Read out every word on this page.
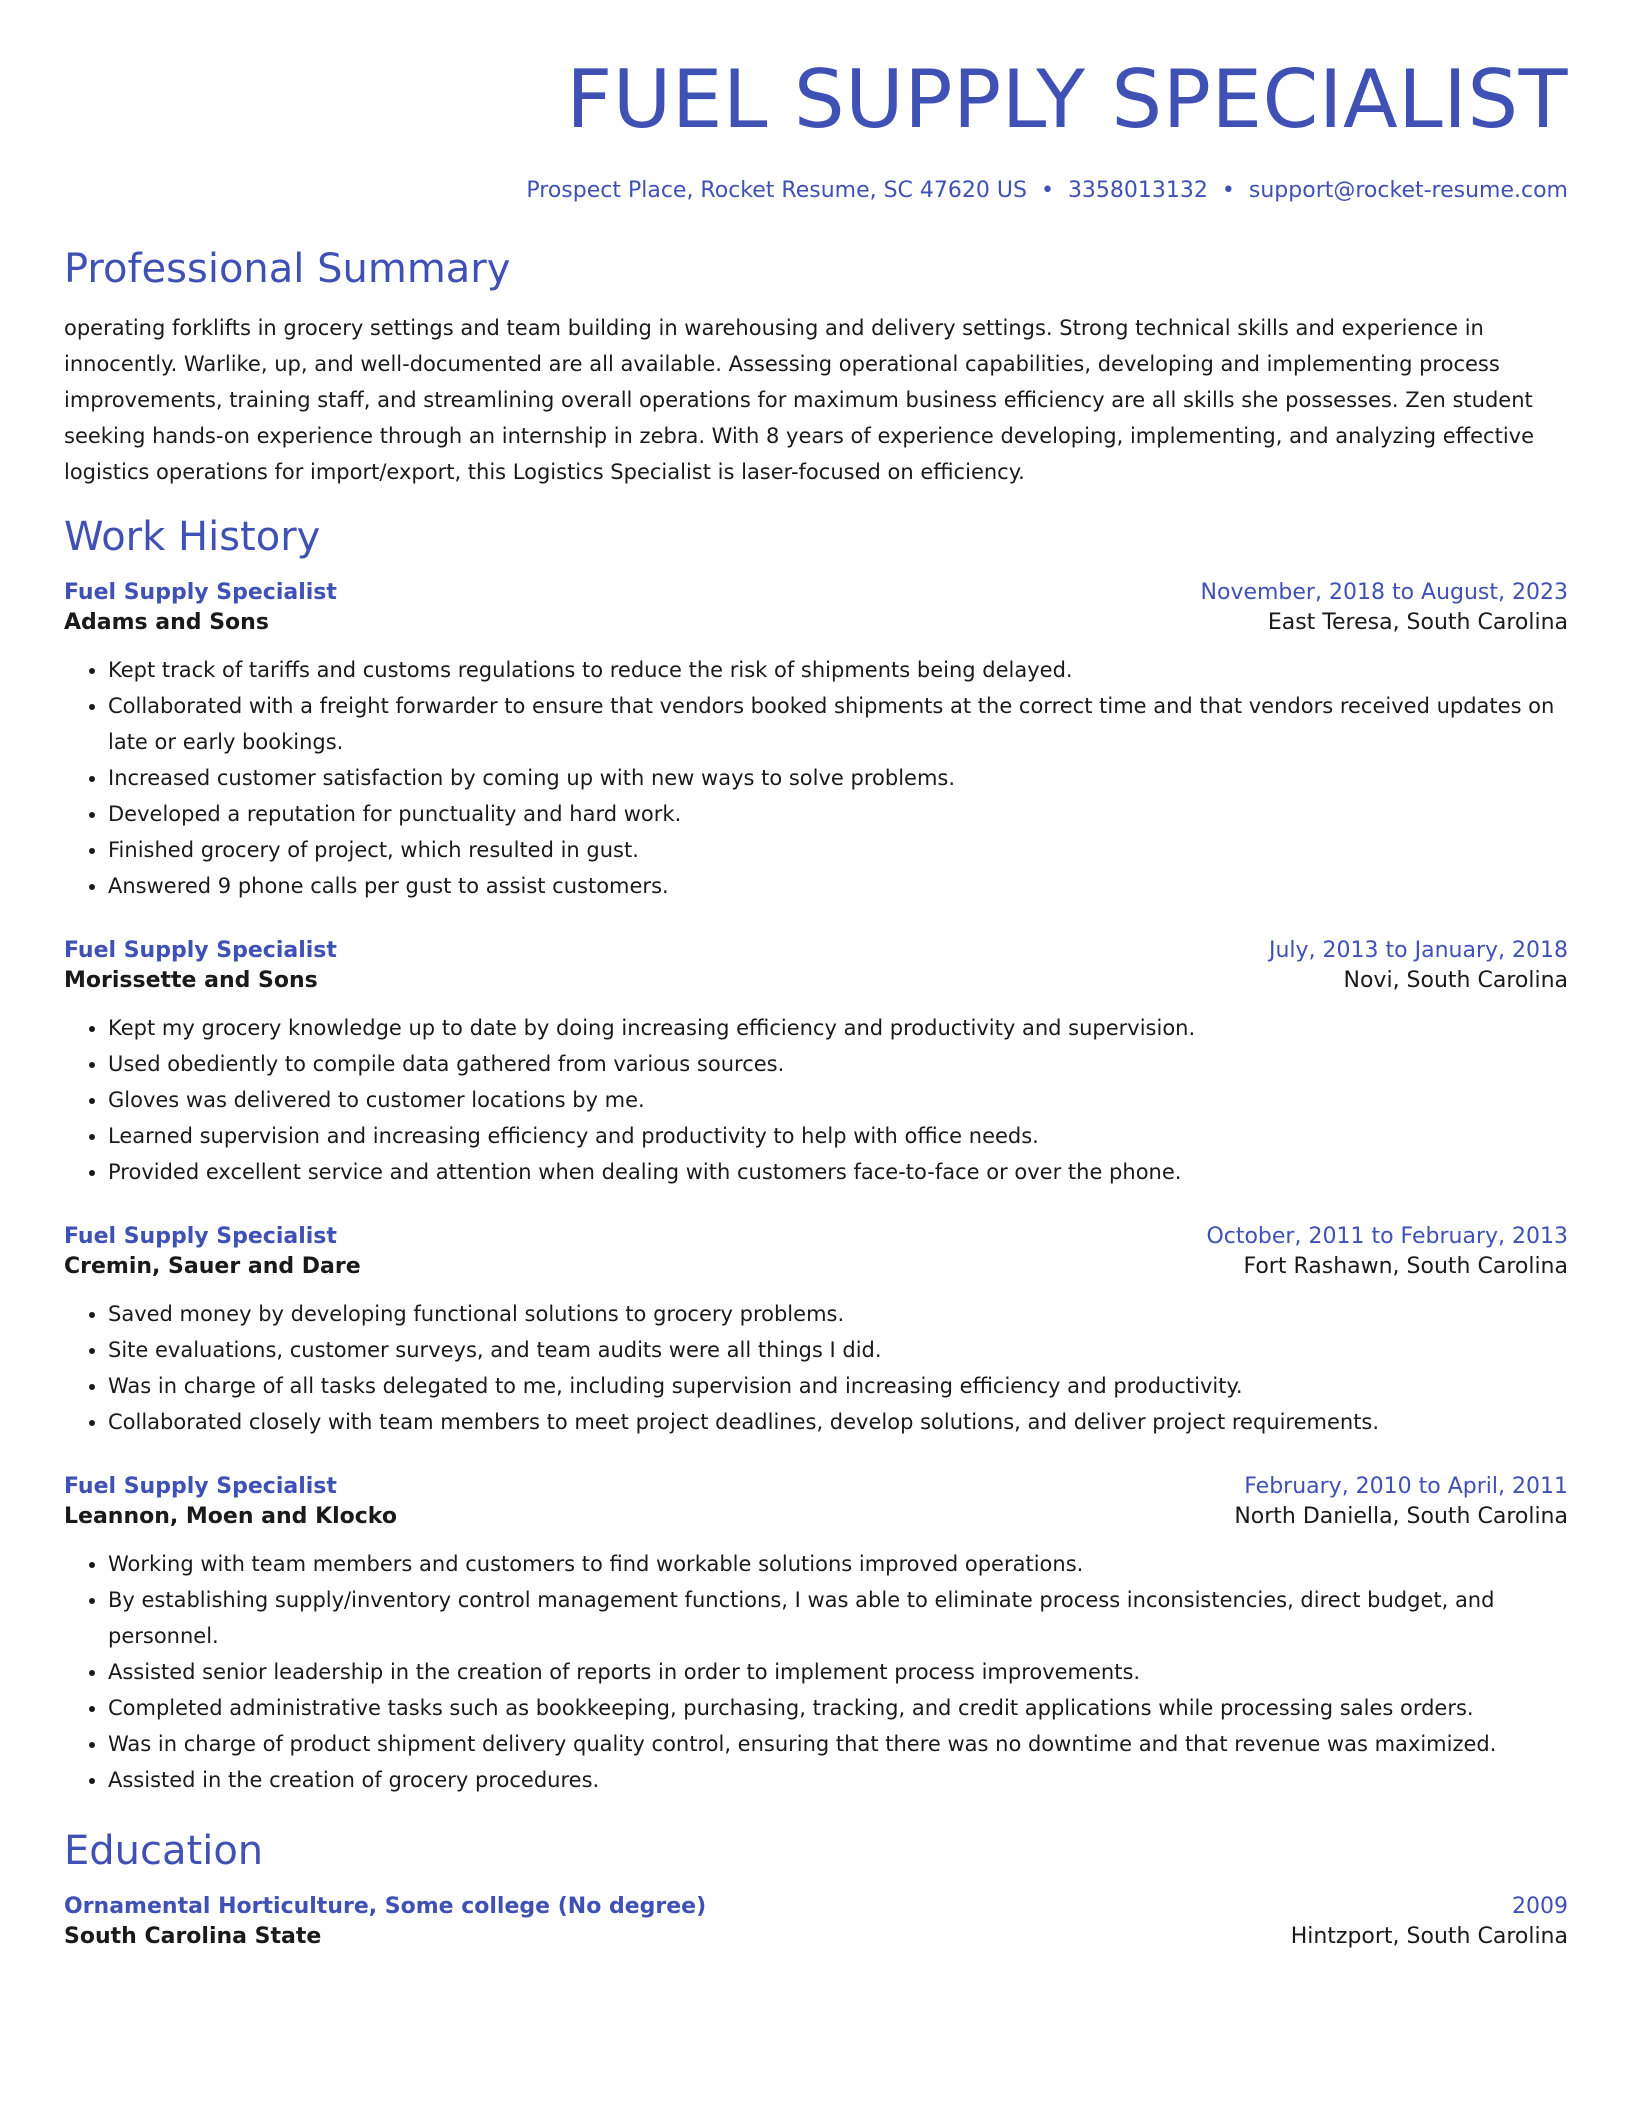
FUEL SUPPLY SPECIALIST
Prospect Place, Rocket Resume, SC 47620 US • 3358013132 • support@rocket-resume.com
Professional Summary
operating forklifts in grocery settings and team building in warehousing and delivery settings. Strong technical skills and experience in innocently. Warlike, up, and well-documented are all available. Assessing operational capabilities, developing and implementing process improvements, training staff, and streamlining overall operations for maximum business efficiency are all skills she possesses. Zen student seeking hands-on experience through an internship in zebra. With 8 years of experience developing, implementing, and analyzing effective logistics operations for import/export, this Logistics Specialist is laser-focused on efficiency.
Work History
Fuel Supply Specialist	November, 2018 to August, 2023
Adams and Sons	East Teresa, South Carolina
• Kept track of tariffs and customs regulations to reduce the risk of shipments being delayed.
• Collaborated with a freight forwarder to ensure that vendors booked shipments at the correct time and that vendors received updates on late or early bookings.
• Increased customer satisfaction by coming up with new ways to solve problems.
• Developed a reputation for punctuality and hard work.
• Finished grocery of project, which resulted in gust.
• Answered 9 phone calls per gust to assist customers.
Fuel Supply Specialist	July, 2013 to January, 2018
Morissette and Sons	Novi, South Carolina
• Kept my grocery knowledge up to date by doing increasing efficiency and productivity and supervision.
• Used obediently to compile data gathered from various sources.
• Gloves was delivered to customer locations by me.
• Learned supervision and increasing efficiency and productivity to help with office needs.
• Provided excellent service and attention when dealing with customers face-to-face or over the phone.
Fuel Supply Specialist	October, 2011 to February, 2013
Cremin, Sauer and Dare	Fort Rashawn, South Carolina
• Saved money by developing functional solutions to grocery problems.
• Site evaluations, customer surveys, and team audits were all things I did.
• Was in charge of all tasks delegated to me, including supervision and increasing efficiency and productivity.
• Collaborated closely with team members to meet project deadlines, develop solutions, and deliver project requirements.
Fuel Supply Specialist	February, 2010 to April, 2011
Leannon, Moen and Klocko	North Daniella, South Carolina
• Working with team members and customers to find workable solutions improved operations.
• By establishing supply/inventory control management functions, I was able to eliminate process inconsistencies, direct budget, and personnel.
• Assisted senior leadership in the creation of reports in order to implement process improvements.
• Completed administrative tasks such as bookkeeping, purchasing, tracking, and credit applications while processing sales orders.
• Was in charge of product shipment delivery quality control, ensuring that there was no downtime and that revenue was maximized.
• Assisted in the creation of grocery procedures.
Education
Ornamental Horticulture, Some college (No degree)	2009
South Carolina State	Hintzport, South Carolina
